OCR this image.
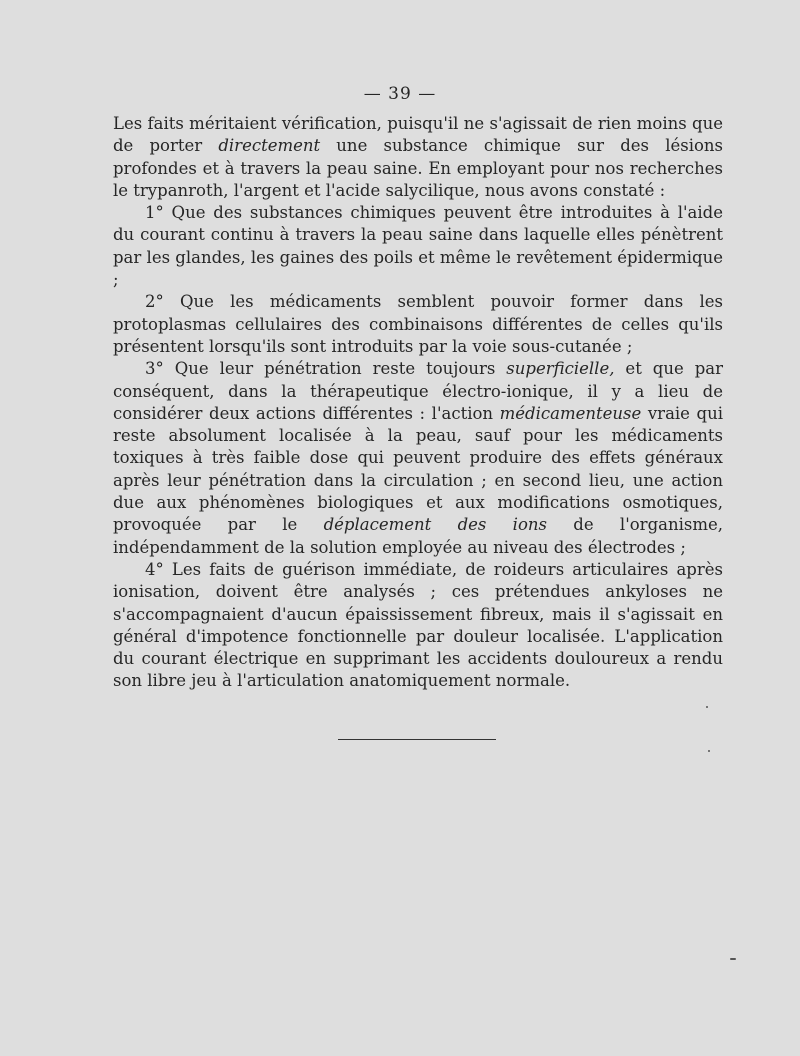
— 39 —

Les faits méritaient vérification, puisqu'il ne s'agissait de rien moins que de porter directement une substance chimique sur des lésions profondes et à travers la peau saine. En employant pour nos recherches le trypanroth, l'argent et l'acide salycilique, nous avons constaté :

1° Que des substances chimiques peuvent être introduites à l'aide du courant continu à travers la peau saine dans laquelle elles pénètrent par les glandes, les gaines des poils et même le revêtement épidermique ;

2° Que les médicaments semblent pouvoir former dans les protoplasmas cellulaires des combinaisons différentes de celles qu'ils présentent lorsqu'ils sont introduits par la voie sous-cutanée ;

3° Que leur pénétration reste toujours superficielle, et que par conséquent, dans la thérapeutique électro-ionique, il y a lieu de considérer deux actions différentes : l'action médicamenteuse vraie qui reste absolument localisée à la peau, sauf pour les médicaments toxiques à très faible dose qui peuvent produire des effets généraux après leur pénétration dans la circulation ; en second lieu, une action due aux phénomènes biologiques et aux modifications osmotiques, provoquée par le déplacement des ions de l'organisme, indépendamment de la solution employée au niveau des électrodes ;

4° Les faits de guérison immédiate, de roideurs articulaires après ionisation, doivent être analysés ; ces prétendues ankyloses ne s'accompagnaient d'aucun épaississement fibreux, mais il s'agissait en général d'impotence fonctionnelle par douleur localisée. L'application du courant électrique en supprimant les accidents douloureux a rendu son libre jeu à l'articulation anatomiquement normale.
